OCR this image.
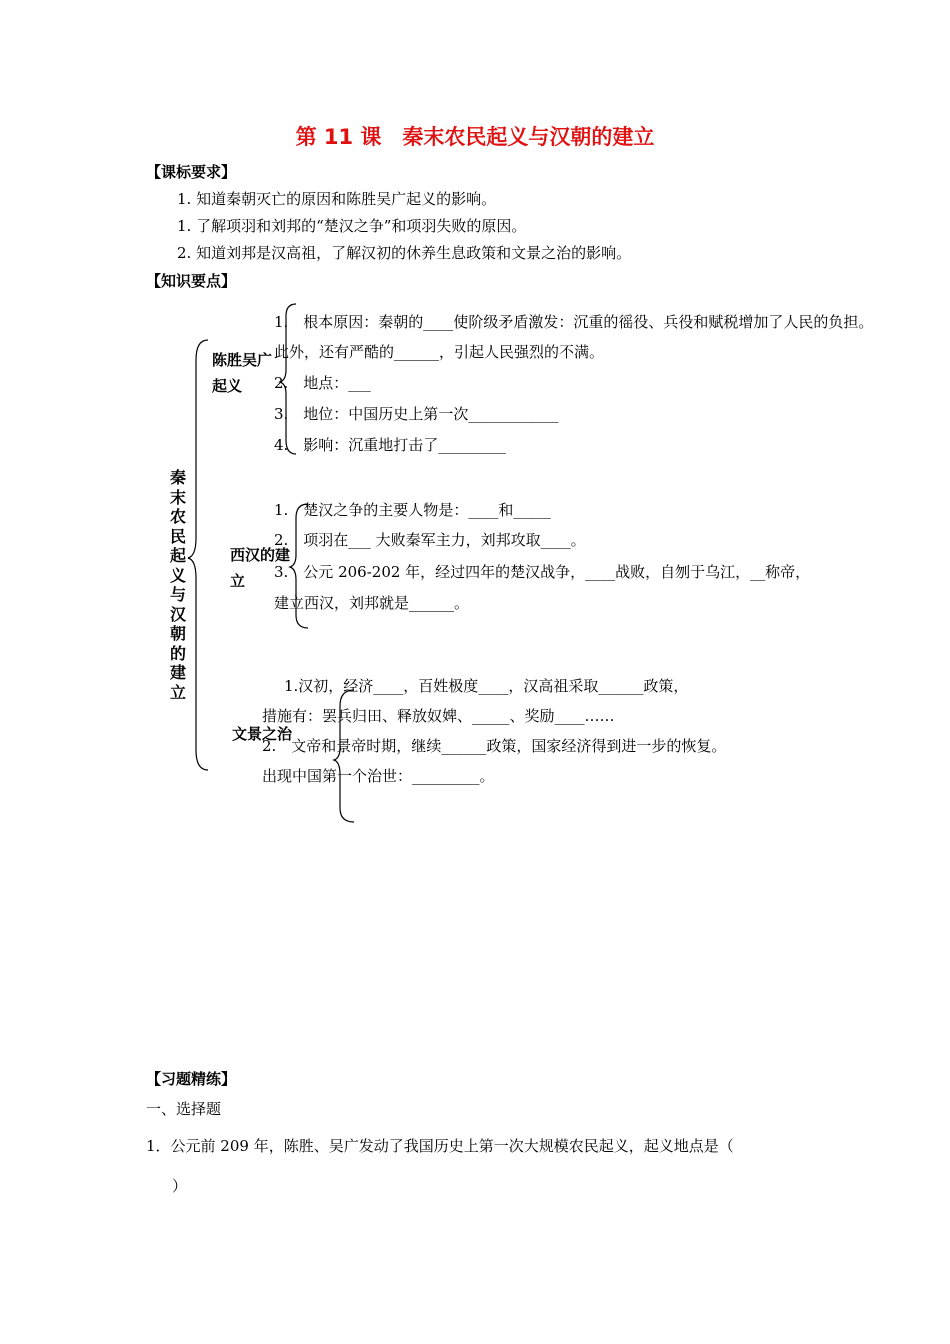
第 11 课　秦末农民起义与汉朝的建立
【课标要求】
1. 知道秦朝灭亡的原因和陈胜吴广起义的影响。
1. 了解项羽和刘邦的“楚汉之争”和项羽失败的原因。
2. 知道刘邦是汉高祖，了解汉初的休养生息政策和文景之治的影响。
【知识要点】
秦末农民起义与汉朝的建立
陈胜吴广起义
1.　根本原因：秦朝的____使阶级矛盾激发：沉重的徭役、兵役和赋税增加了人民的负担。
此外，还有严酷的______，引起人民强烈的不满。
2.　地点：___
3.　地位：中国历史上第一次____________
4.　影响：沉重地打击了_________
西汉的建立
1.　楚汉之争的主要人物是：____和_____
2.　项羽在___ 大败秦军主力，刘邦攻取____。
3.　公元 206-202 年，经过四年的楚汉战争，____战败，自刎于乌江，__称帝，
建立西汉，刘邦就是______。
文景之治
1.汉初，经济____，百姓极度____，汉高祖采取______政策，
措施有：罢兵归田、释放奴婢、_____、奖励____……
2.　文帝和景帝时期，继续______政策，国家经济得到进一步的恢复。
出现中国第一个治世：_________。
【习题精练】
一、选择题
1．公元前 209 年，陈胜、吴广发动了我国历史上第一次大规模农民起义，起义地点是（
）
